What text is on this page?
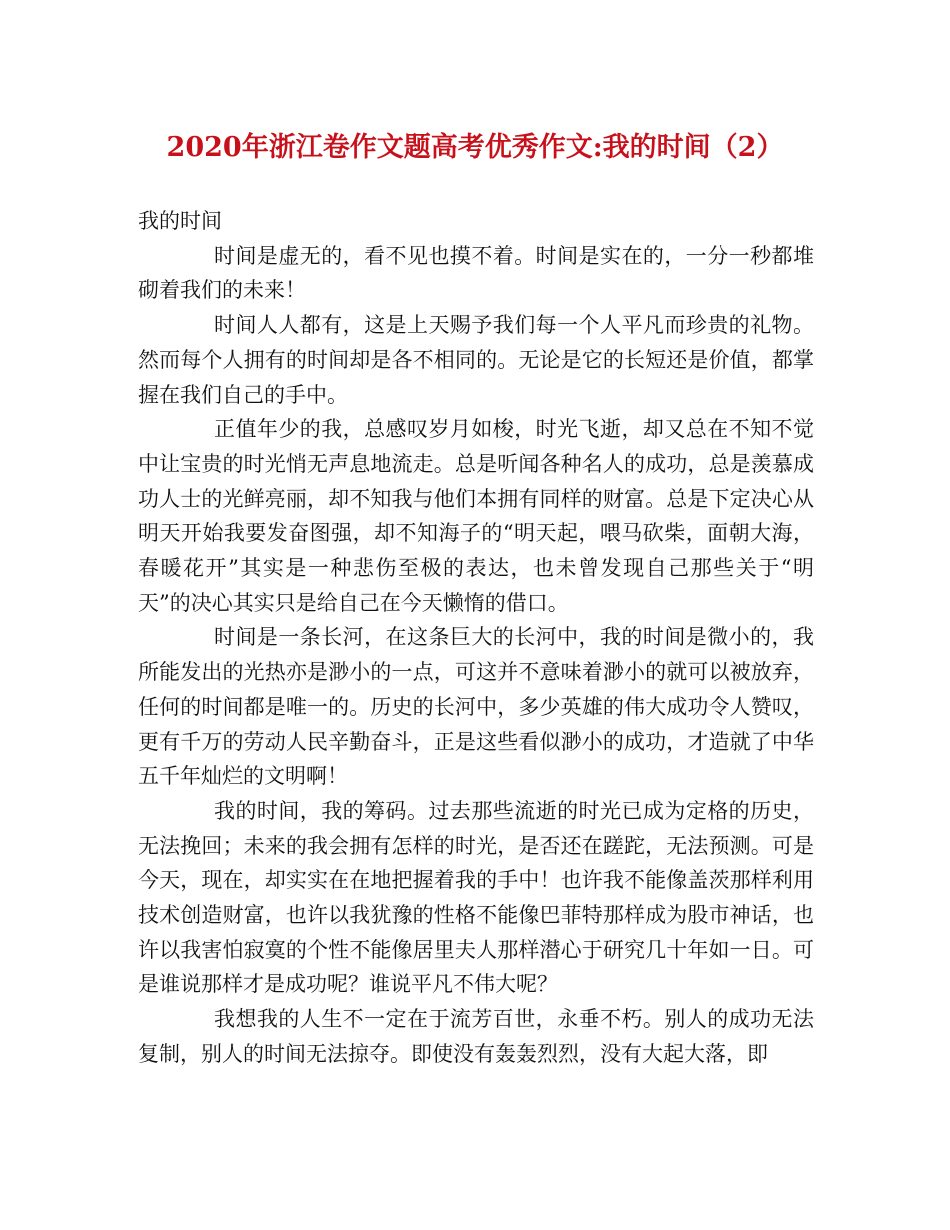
2020年浙江卷作文题高考优秀作文:我的时间（2）

我的时间

时间是虚无的，看不见也摸不着。时间是实在的，一分一秒都堆砌着我们的未来！

时间人人都有，这是上天赐予我们每一个人平凡而珍贵的礼物。然而每个人拥有的时间却是各不相同的。无论是它的长短还是价值，都掌握在我们自己的手中。

正值年少的我，总感叹岁月如梭，时光飞逝，却又总在不知不觉中让宝贵的时光悄无声息地流走。总是听闻各种名人的成功，总是羡慕成功人士的光鲜亮丽，却不知我与他们本拥有同样的财富。总是下定决心从明天开始我要发奋图强，却不知海子的“明天起，喂马砍柴，面朝大海，春暖花开”其实是一种悲伤至极的表达，也未曾发现自己那些关于“明天”的决心其实只是给自己在今天懒惰的借口。

时间是一条长河，在这条巨大的长河中，我的时间是微小的，我所能发出的光热亦是渺小的一点，可这并不意味着渺小的就可以被放弃，任何的时间都是唯一的。历史的长河中，多少英雄的伟大成功令人赞叹，更有千万的劳动人民辛勤奋斗，正是这些看似渺小的成功，才造就了中华五千年灿烂的文明啊！

我的时间，我的筹码。过去那些流逝的时光已成为定格的历史，无法挽回；未来的我会拥有怎样的时光，是否还在蹉跎，无法预测。可是今天，现在，却实实在在地把握着我的手中！也许我不能像盖茨那样利用技术创造财富，也许以我犹豫的性格不能像巴菲特那样成为股市神话，也许以我害怕寂寞的个性不能像居里夫人那样潜心于研究几十年如一日。可是谁说那样才是成功呢？谁说平凡不伟大呢？

我想我的人生不一定在于流芳百世，永垂不朽。别人的成功无法复制，别人的时间无法掠夺。即使没有轰轰烈烈，没有大起大落，即
